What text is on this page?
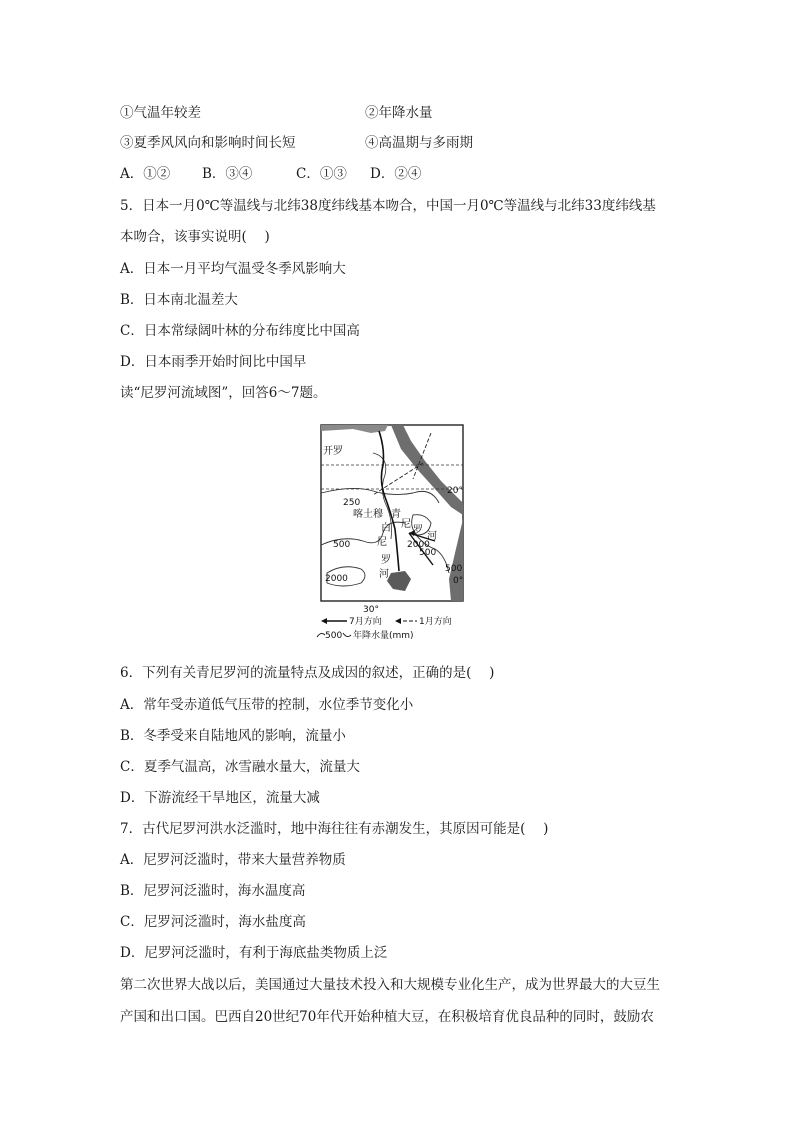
①气温年较差	②年降水量
③夏季风风向和影响时间长短	④高温期与多雨期
A．①② B．③④	C．①③ D．②④
5．日本一月0℃等温线与北纬38度纬线基本吻合，中国一月0℃等温线与北纬33度纬线基
本吻合，该事实说明(　 )
A．日本一月平均气温受冬季风影响大
B．日本南北温差大
C．日本常绿阔叶林的分布纬度比中国高
D．日本雨季开始时间比中国早
读“尼罗河流域图”，回答6～7题。
开罗
20°
250
喀土穆 青
尼
罗
河
白
尼
罗
河
2000
500
500
500
2000	0°
30°
7月方向	1月方向
500 年降水量(mm)
6．下列有关青尼罗河的流量特点及成因的叙述，正确的是(　 )
A．常年受赤道低气压带的控制，水位季节变化小
B．冬季受来自陆地风的影响，流量小
C．夏季气温高，冰雪融水量大，流量大
D．下游流经干旱地区，流量大减
7．古代尼罗河洪水泛滥时，地中海往往有赤潮发生，其原因可能是(　 )
A．尼罗河泛滥时，带来大量营养物质
B．尼罗河泛滥时，海水温度高
C．尼罗河泛滥时，海水盐度高
D．尼罗河泛滥时，有利于海底盐类物质上泛
第二次世界大战以后，美国通过大量技术投入和大规模专业化生产，成为世界最大的大豆生
产国和出口国。巴西自20世纪70年代开始种植大豆，在积极培育优良品种的同时，鼓励农
